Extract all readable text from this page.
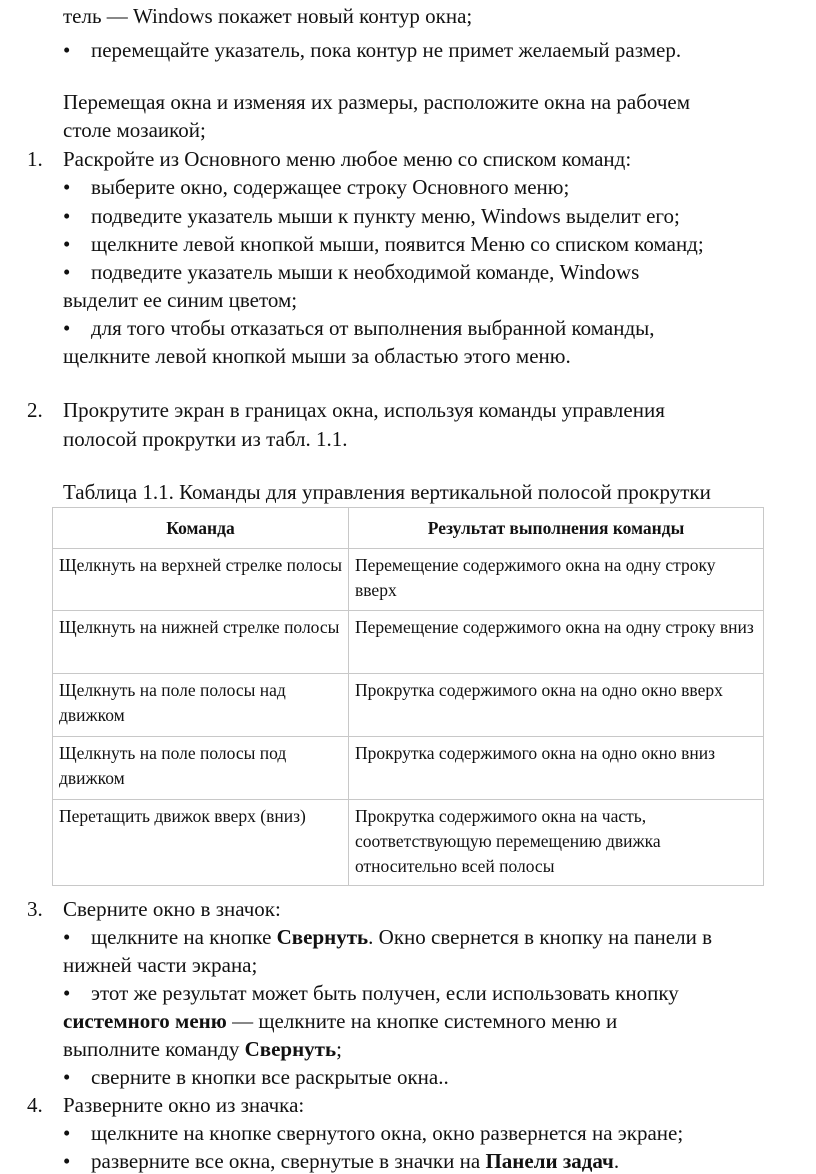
тель — Windows покажет новый контур окна;
• перемещайте указатель, пока контур не примет желаемый размер.
Перемещая окна и изменяя их размеры, расположите окна на рабочем
столе мозаикой;
1. Раскройте из Основного меню любое меню со списком команд:
• выберите окно, содержащее строку Основного меню;
• подведите указатель мыши к пункту меню, Windows выделит его;
• щелкните левой кнопкой мыши, появится Меню со списком команд;
• подведите указатель мыши к необходимой команде, Windows
выделит ее синим цветом;
• для того чтобы отказаться от выполнения выбранной команды,
щелкните левой кнопкой мыши за областью этого меню.
2. Прокрутите экран в границах окна, используя команды управления
полосой прокрутки из табл. 1.1.
Таблица 1.1. Команды для управления вертикальной полосой прокрутки
Команда	Результат выполнения команды
Щелкнуть на верхней стрелке полосы	Перемещение содержимого окна на одну строку вверх
Щелкнуть на нижней стрелке полосы	Перемещение содержимого окна на одну строку вниз
Щелкнуть на поле полосы над движком	Прокрутка содержимого окна на одно окно вверх
Щелкнуть на поле полосы под движком	Прокрутка содержимого окна на одно окно вниз
Перетащить движок вверх (вниз)	Прокрутка содержимого окна на часть, соответствующую перемещению движка относительно всей полосы
3. Сверните окно в значок:
• щелкните на кнопке Свернуть. Окно свернется в кнопку на панели в
нижней части экрана;
• этот же результат может быть получен, если использовать кнопку
системного меню — щелкните на кнопке системного меню и
выполните команду Свернуть;
• сверните в кнопки все раскрытые окна..
4. Разверните окно из значка:
• щелкните на кнопке свернутого окна, окно развернется на экране;
• разверните все окна, свернутые в значки на Панели задач.
